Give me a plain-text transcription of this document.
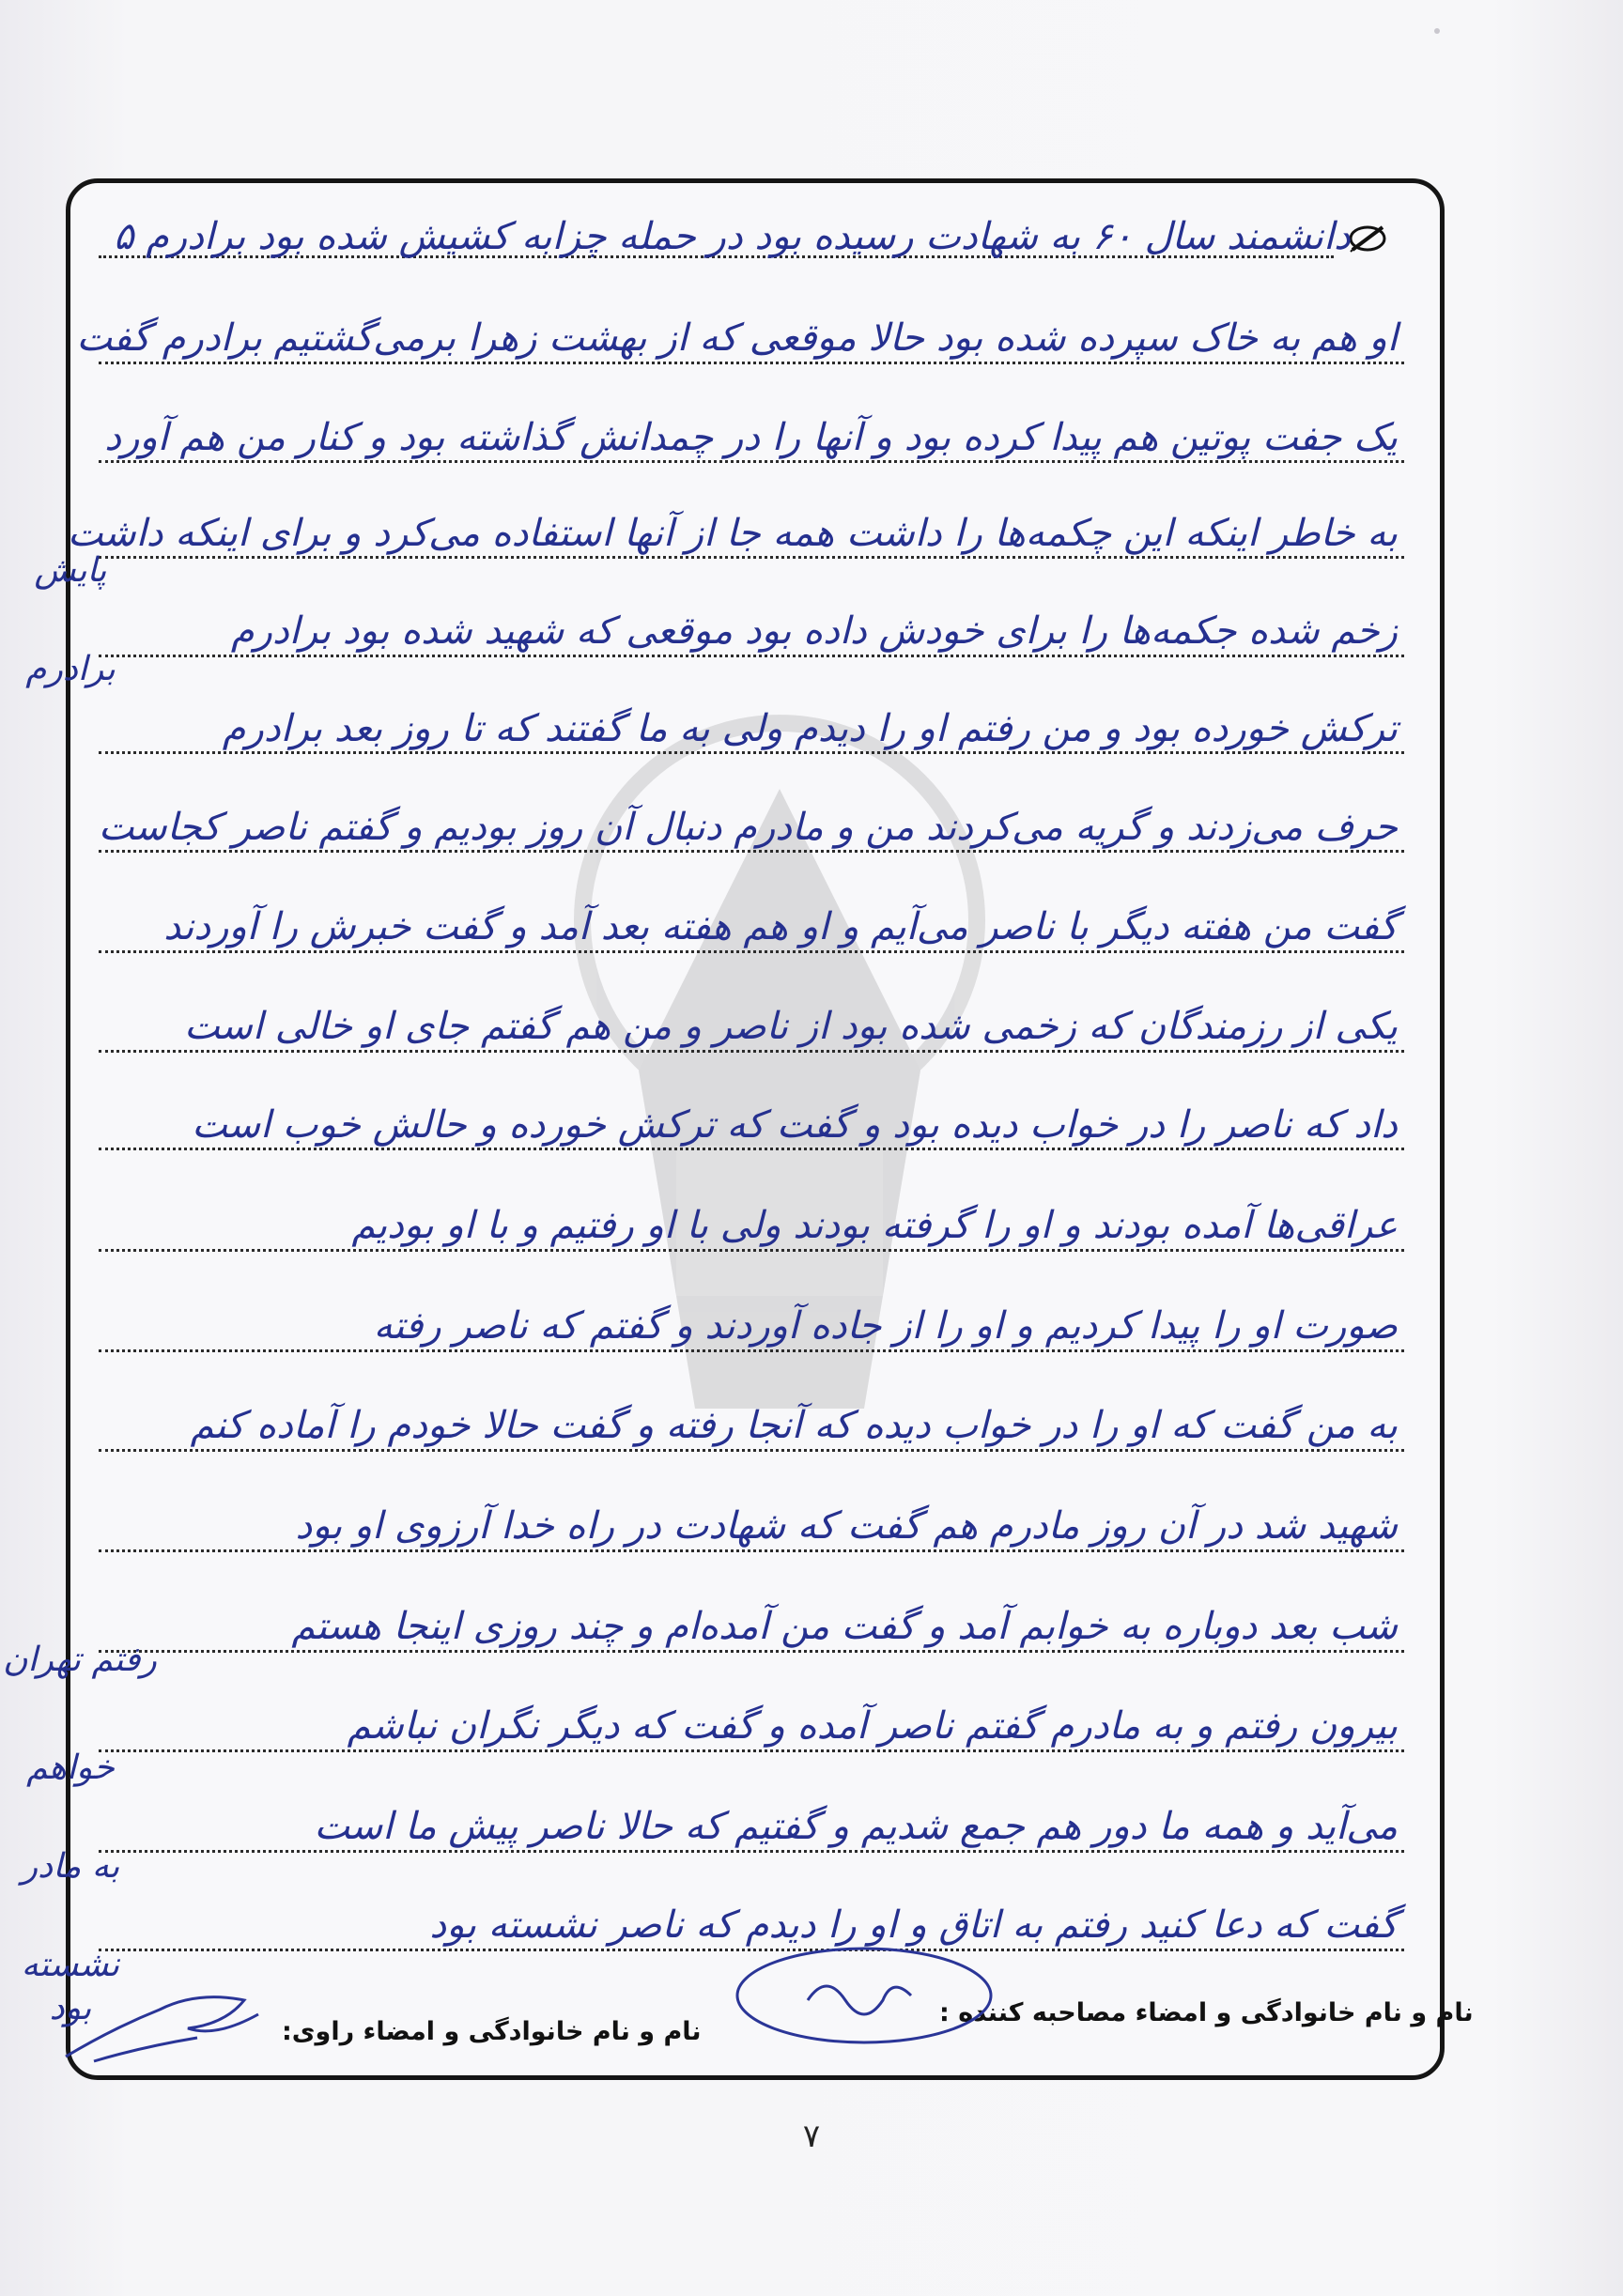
دانشمند سال ۶۰ به شهادت رسیده بود در حمله چزابه کشیش شده بود برادرم ۵
او هم به خاک سپرده شده بود حالا موقعی که از بهشت زهرا برمی‌گشتیم برادرم گفت
یک جفت پوتین هم پیدا کرده بود و آنها را در چمدانش گذاشته بود و کنار من هم آورد
به خاطر اینکه این چکمه‌ها را داشت همه جا از آنها استفاده می‌کرد و برای اینکه داشت
زخم شده جکمه‌ها را برای خودش داده بود موقعی که شهید شده بود برادرم
ترکش خورده بود و من رفتم او را دیدم ولی به ما گفتند که تا روز بعد برادرم
حرف می‌زدند و گریه می‌کردند من و مادرم دنبال آن روز بودیم و گفتم ناصر کجاست
گفت من هفته دیگر با ناصر می‌آیم و او هم هفته بعد آمد و گفت خبرش را آوردند
یکی از رزمندگان که زخمی شده بود از ناصر و من هم گفتم جای او خالی است
داد که ناصر را در خواب دیده بود و گفت که ترکش خورده و حالش خوب است
عراقی‌ها آمده بودند و او را گرفته بودند ولی با او رفتیم و با او بودیم
صورت او را پیدا کردیم و او را از جاده آوردند و گفتم که ناصر رفته
به من گفت که او را در خواب دیده که آنجا رفته و گفت حالا خودم را آماده کنم
شهید شد در آن روز مادرم هم گفت که شهادت در راه خدا آرزوی او بود
شب بعد دوباره به خوابم آمد و گفت من آمده‌ام و چند روزی اینجا هستم
بیرون رفتم و به مادرم گفتم ناصر آمده و گفت که دیگر نگران نباشم
می‌آید و همه ما دور هم جمع شدیم و گفتیم که حالا ناصر پیش ما است
گفت که دعا کنید رفتم به اتاق و او را دیدم که ناصر نشسته بود
پایش
برادرم
رفتم تهران
خواهم
به مادر
نشسته بود	نام و نام خانوادگی و امضاء مصاحبه کننده :
نام و نام خانوادگی و امضاء راوی:
۷
